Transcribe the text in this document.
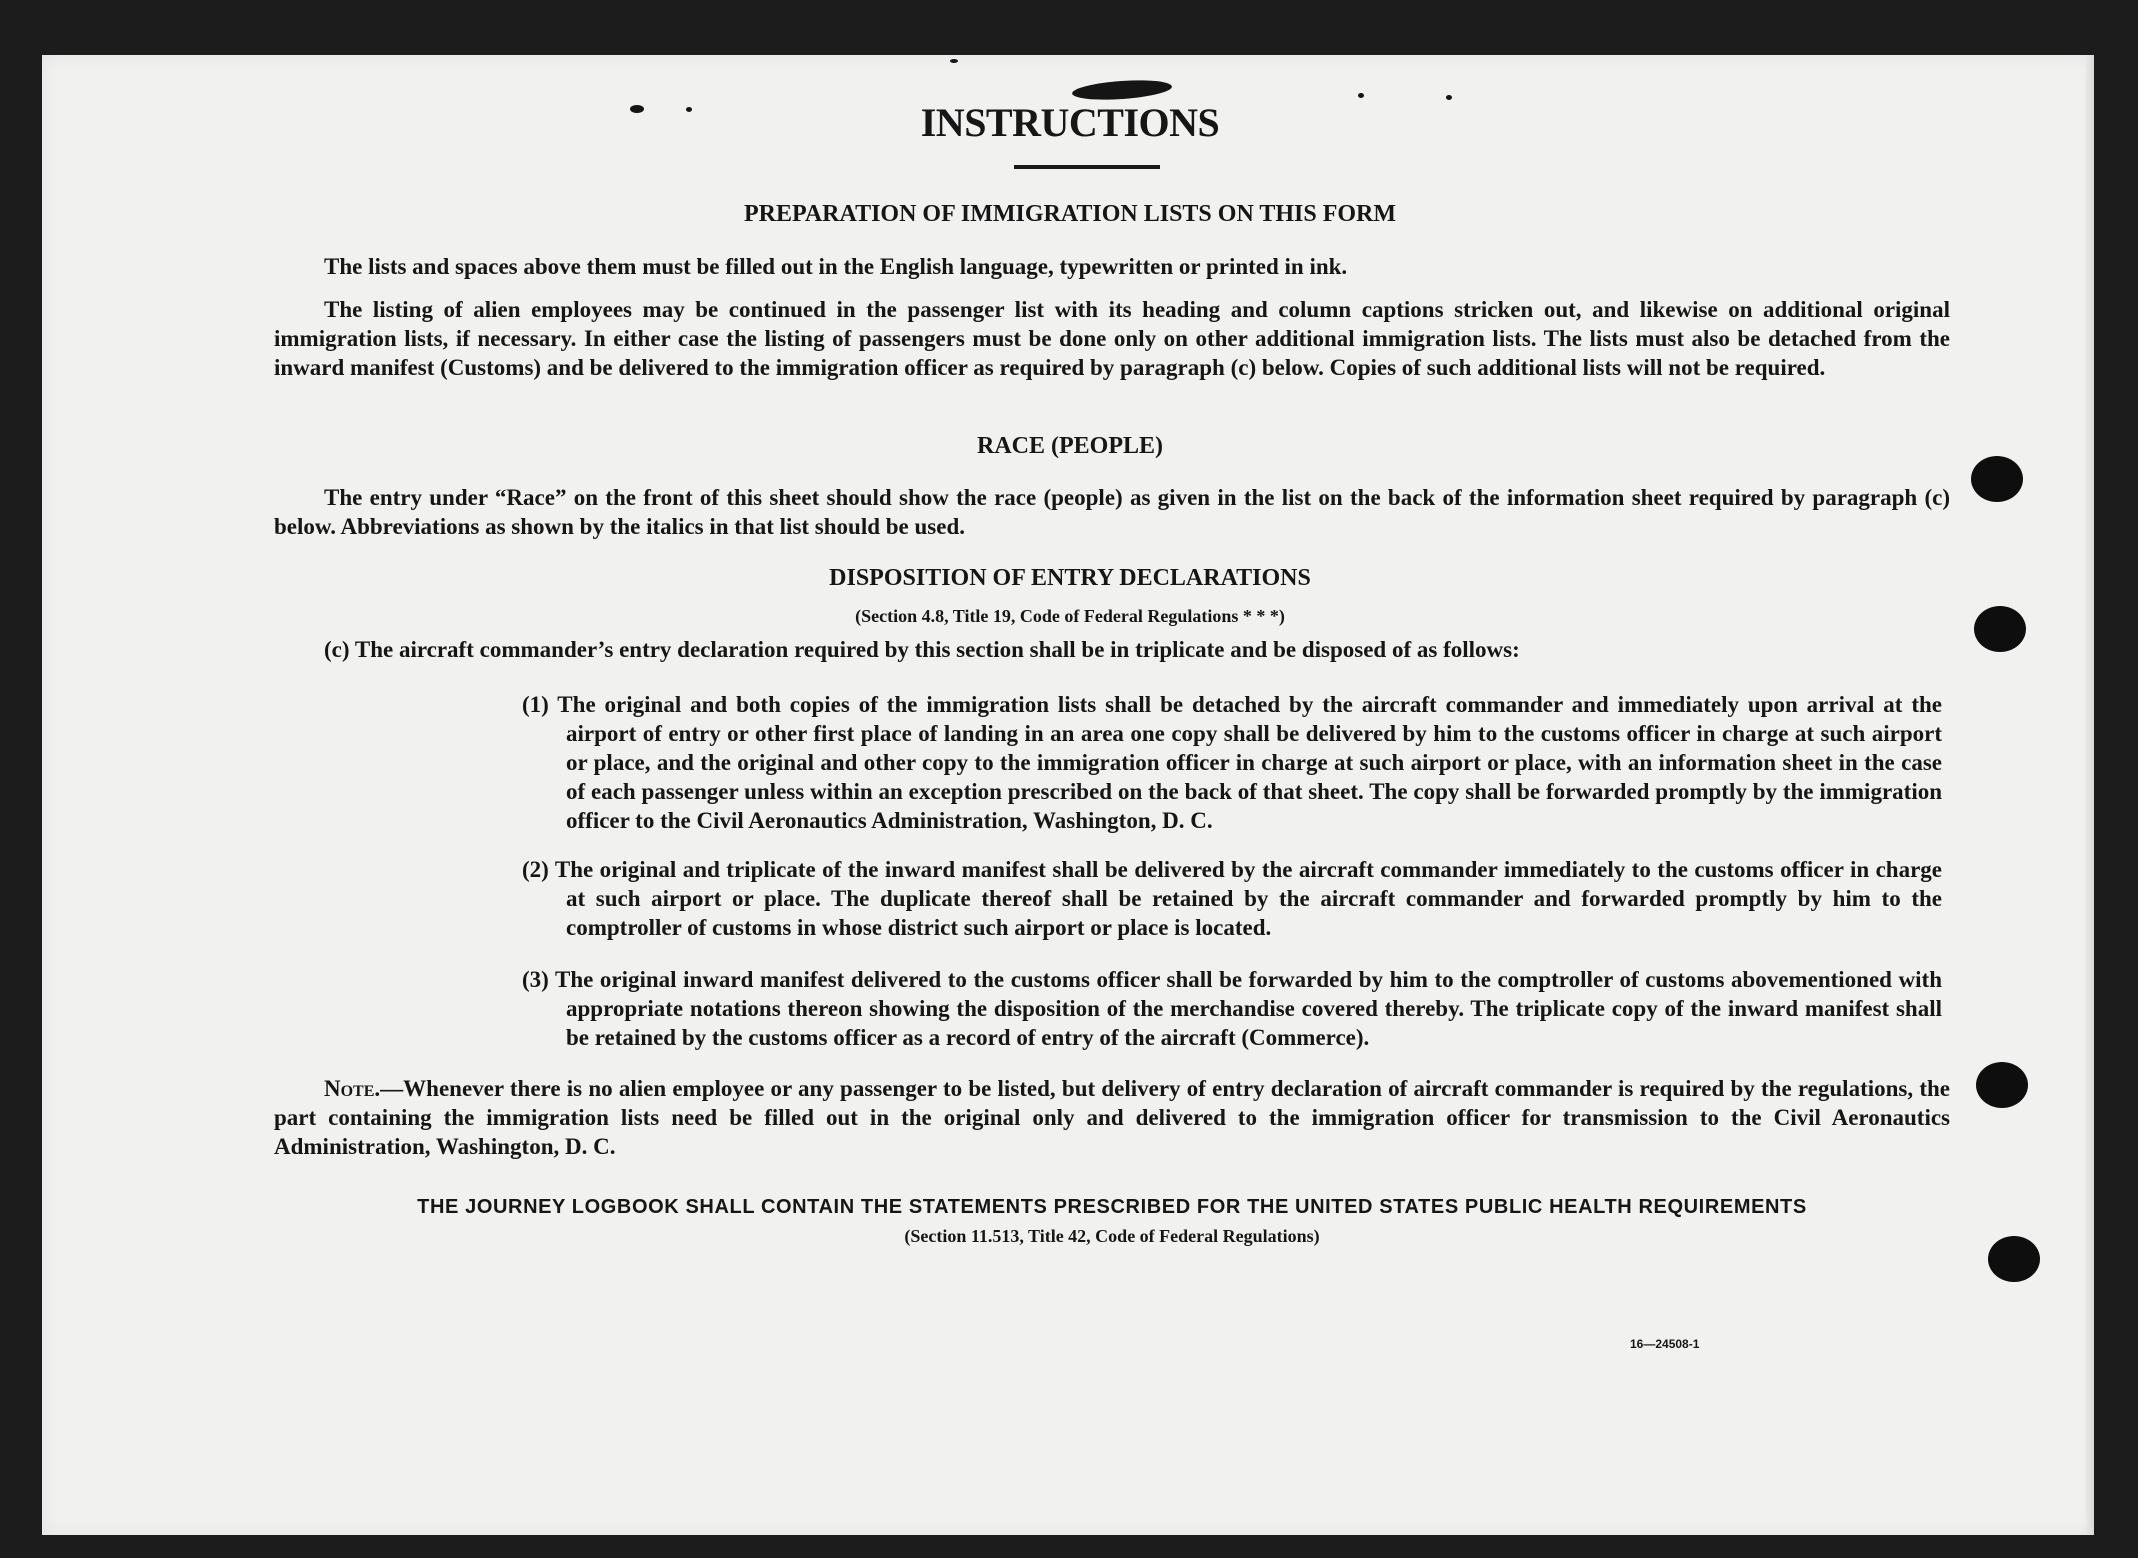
INSTRUCTIONS
PREPARATION OF IMMIGRATION LISTS ON THIS FORM
The lists and spaces above them must be filled out in the English language, typewritten or printed in ink.
The listing of alien employees may be continued in the passenger list with its heading and column captions stricken out, and likewise on additional original immigration lists, if necessary. In either case the listing of passengers must be done only on other additional immigration lists. The lists must also be detached from the inward manifest (Customs) and be delivered to the immigration officer as required by paragraph (c) below. Copies of such additional lists will not be required.
RACE (PEOPLE)
The entry under “Race” on the front of this sheet should show the race (people) as given in the list on the back of the information sheet required by paragraph (c) below. Abbreviations as shown by the italics in that list should be used.
DISPOSITION OF ENTRY DECLARATIONS
(Section 4.8, Title 19, Code of Federal Regulations * * *)
(c) The aircraft commander’s entry declaration required by this section shall be in triplicate and be disposed of as follows:
(1) The original and both copies of the immigration lists shall be detached by the aircraft commander and immediately upon arrival at the airport of entry or other first place of landing in an area one copy shall be delivered by him to the customs officer in charge at such airport or place, and the original and other copy to the immigration officer in charge at such airport or place, with an information sheet in the case of each passenger unless within an exception prescribed on the back of that sheet. The copy shall be forwarded promptly by the immigration officer to the Civil Aeronautics Administration, Washington, D. C.
(2) The original and triplicate of the inward manifest shall be delivered by the aircraft commander immediately to the customs officer in charge at such airport or place. The duplicate thereof shall be retained by the aircraft commander and forwarded promptly by him to the comptroller of customs in whose district such airport or place is located.
(3) The original inward manifest delivered to the customs officer shall be forwarded by him to the comptroller of customs abovementioned with appropriate notations thereon showing the disposition of the merchandise covered thereby. The triplicate copy of the inward manifest shall be retained by the customs officer as a record of entry of the aircraft (Commerce).
Note.—Whenever there is no alien employee or any passenger to be listed, but delivery of entry declaration of aircraft commander is required by the regulations, the part containing the immigration lists need be filled out in the original only and delivered to the immigration officer for transmission to the Civil Aeronautics Administration, Washington, D. C.
THE JOURNEY LOGBOOK SHALL CONTAIN THE STATEMENTS PRESCRIBED FOR THE UNITED STATES PUBLIC HEALTH REQUIREMENTS
(Section 11.513, Title 42, Code of Federal Regulations)
16—24508-1
